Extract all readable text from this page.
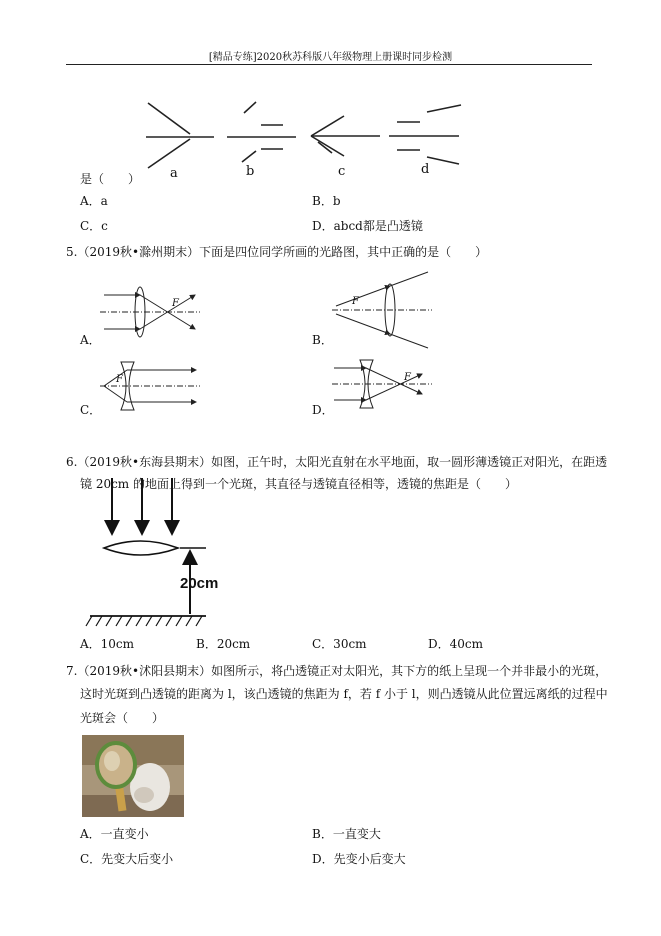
[精品专练]2020秋苏科版八年级物理上册课时同步检测
a	b	c	d
是（　　）
A．a	B．b
C．c	D．abcd都是凸透镜
5.（2019秋•滁州期末）下面是四位同学所画的光路图，其中正确的是（　　）
F	F
F	F
A．	B．
C．	D．
6.（2019秋•东海县期末）如图，正午时，太阳光直射在水平地面，取一圆形薄透镜正对阳光，在距透
镜 20cm 的地面上得到一个光斑，其直径与透镜直径相等，透镜的焦距是（　　）
20cm
A．10cm	B．20cm	C．30cm	D．40cm
7.（2019秋•沭阳县期末）如图所示，将凸透镜正对太阳光，其下方的纸上呈现一个并非最小的光斑，
这时光斑到凸透镜的距离为 l，该凸透镜的焦距为 f，若 f 小于 l，则凸透镜从此位置远离纸的过程中
光斑会（　　）
A．一直变小	B．一直变大
C．先变大后变小	D．先变小后变大
